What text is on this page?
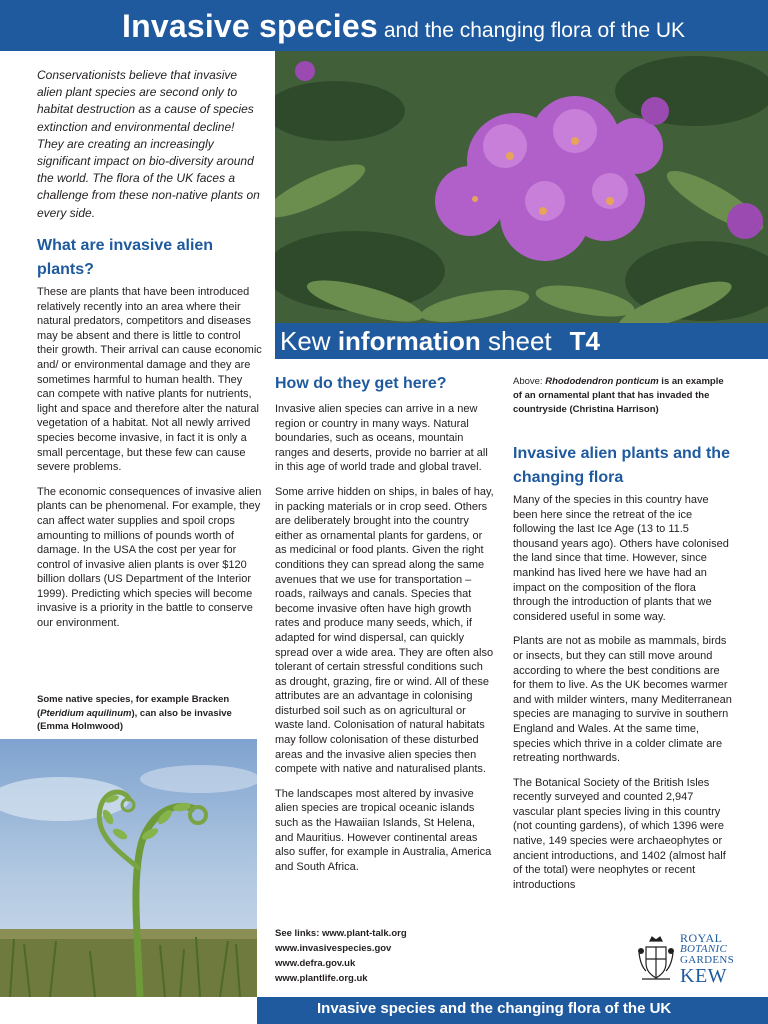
Invasive species and the changing flora of the UK
Conservationists believe that invasive alien plant species are second only to habitat destruction as a cause of species extinction and environmental decline! They are creating an increasingly significant impact on bio-diversity around the world. The flora of the UK faces a challenge from these non-native plants on every side.
What are invasive alien plants?

These are plants that have been introduced relatively recently into an area where their natural predators, competitors and diseases may be absent and there is little to control their growth. Their arrival can cause economic and/ or environmental damage and they are sometimes harmful to human health. They can compete with native plants for nutrients, light and space and therefore alter the natural vegetation of a habitat. Not all newly arrived species become invasive, in fact it is only a small percentage, but these few can cause severe problems.

The economic consequences of invasive alien plants can be phenomenal. For example, they can affect water supplies and spoil crops amounting to millions of pounds worth of damage. In the USA the cost per year for control of invasive alien plants is over $120 billion dollars (US Department of the Interior 1999). Predicting which species will become invasive is a priority in the battle to conserve our environment.

Some native species, for example Bracken (Pteridium aquilinum), can also be invasive (Emma Holmwood)
Kew information sheet T4
How do they get here?

Invasive alien species can arrive in a new region or country in many ways. Natural boundaries, such as oceans, mountain ranges and deserts, provide no barrier at all in this age of world trade and global travel.

Some arrive hidden on ships, in bales of hay, in packing materials or in crop seed. Others are deliberately brought into the country either as ornamental plants for gardens, or as medicinal or food plants. Given the right conditions they can spread along the same avenues that we use for transportation – roads, railways and canals. Species that become invasive often have high growth rates and produce many seeds, which, if adapted for wind dispersal, can quickly spread over a wide area. They are often also tolerant of certain stressful conditions such as drought, grazing, fire or wind. All of these attributes are an advantage in colonising disturbed soil such as on agricultural or waste land. Colonisation of natural habitats may follow colonisation of these disturbed areas and the invasive alien species then compete with native and naturalised plants.

The landscapes most altered by invasive alien species are tropical oceanic islands such as the Hawaiian Islands, St Helena, and Mauritius. However continental areas also suffer, for example in Australia, America and South Africa.

See links: www.plant-talk.org
www.invasivespecies.gov
www.defra.gov.uk
www.plantlife.org.uk
Above: Rhododendron ponticum is an example of an ornamental plant that has invaded the countryside (Christina Harrison)
Invasive alien plants and the changing flora

Many of the species in this country have been here since the retreat of the ice following the last Ice Age (13 to 11.5 thousand years ago). Others have colonised the land since that time. However, since mankind has lived here we have had an impact on the composition of the flora through the introduction of plants that we considered useful in some way.

Plants are not as mobile as mammals, birds or insects, but they can still move around according to where the best conditions are for them to live. As the UK becomes warmer and with milder winters, many Mediterranean species are managing to survive in southern England and Wales. At the same time, species which thrive in a colder climate are retreating northwards.

The Botanical Society of the British Isles recently surveyed and counted 2,947 vascular plant species living in this country (not counting gardens), of which 1396 were native, 149 species were archaeophytes or ancient introductions, and 1402 (almost half of the total) were neophytes or recent introductions

ROYAL
BOTANIC
GARDENS
KEW
Invasive species and the changing flora of the UK
